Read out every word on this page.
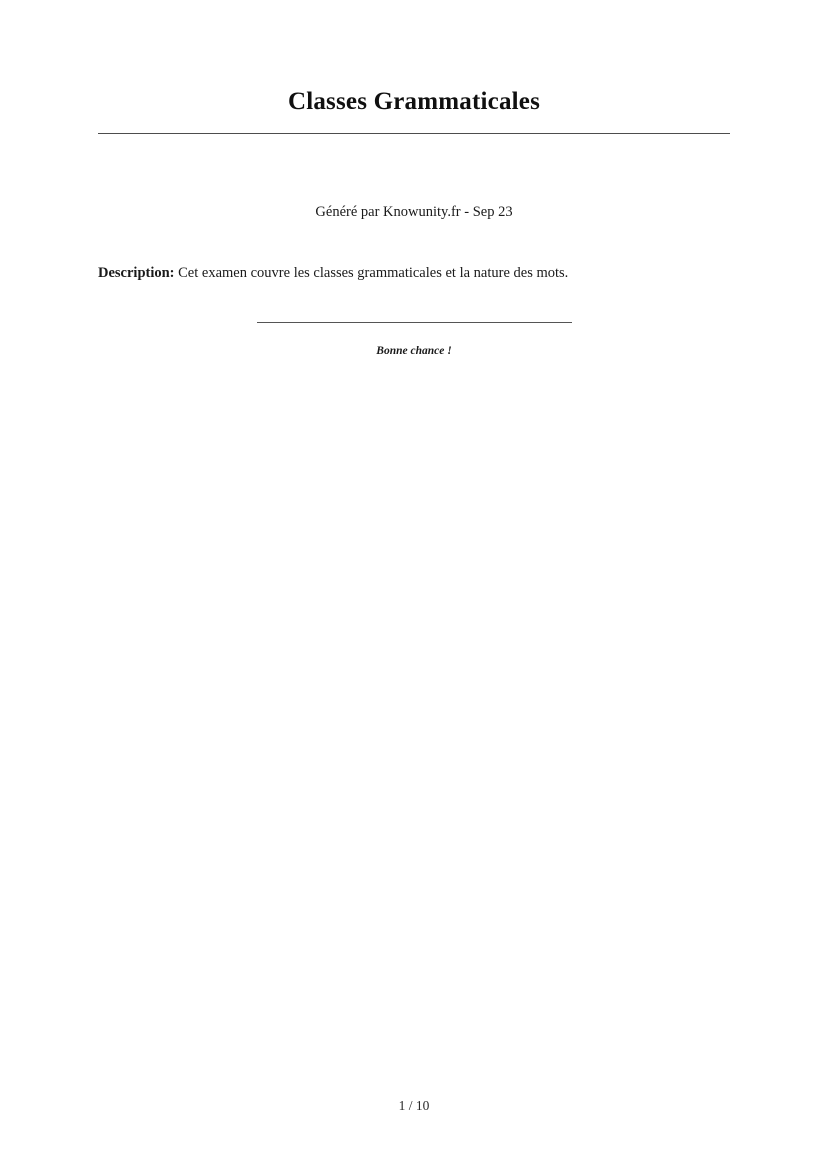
Classes Grammaticales
Généré par Knowunity.fr - Sep 23
Description: Cet examen couvre les classes grammaticales et la nature des mots.
Bonne chance !
1 / 10
